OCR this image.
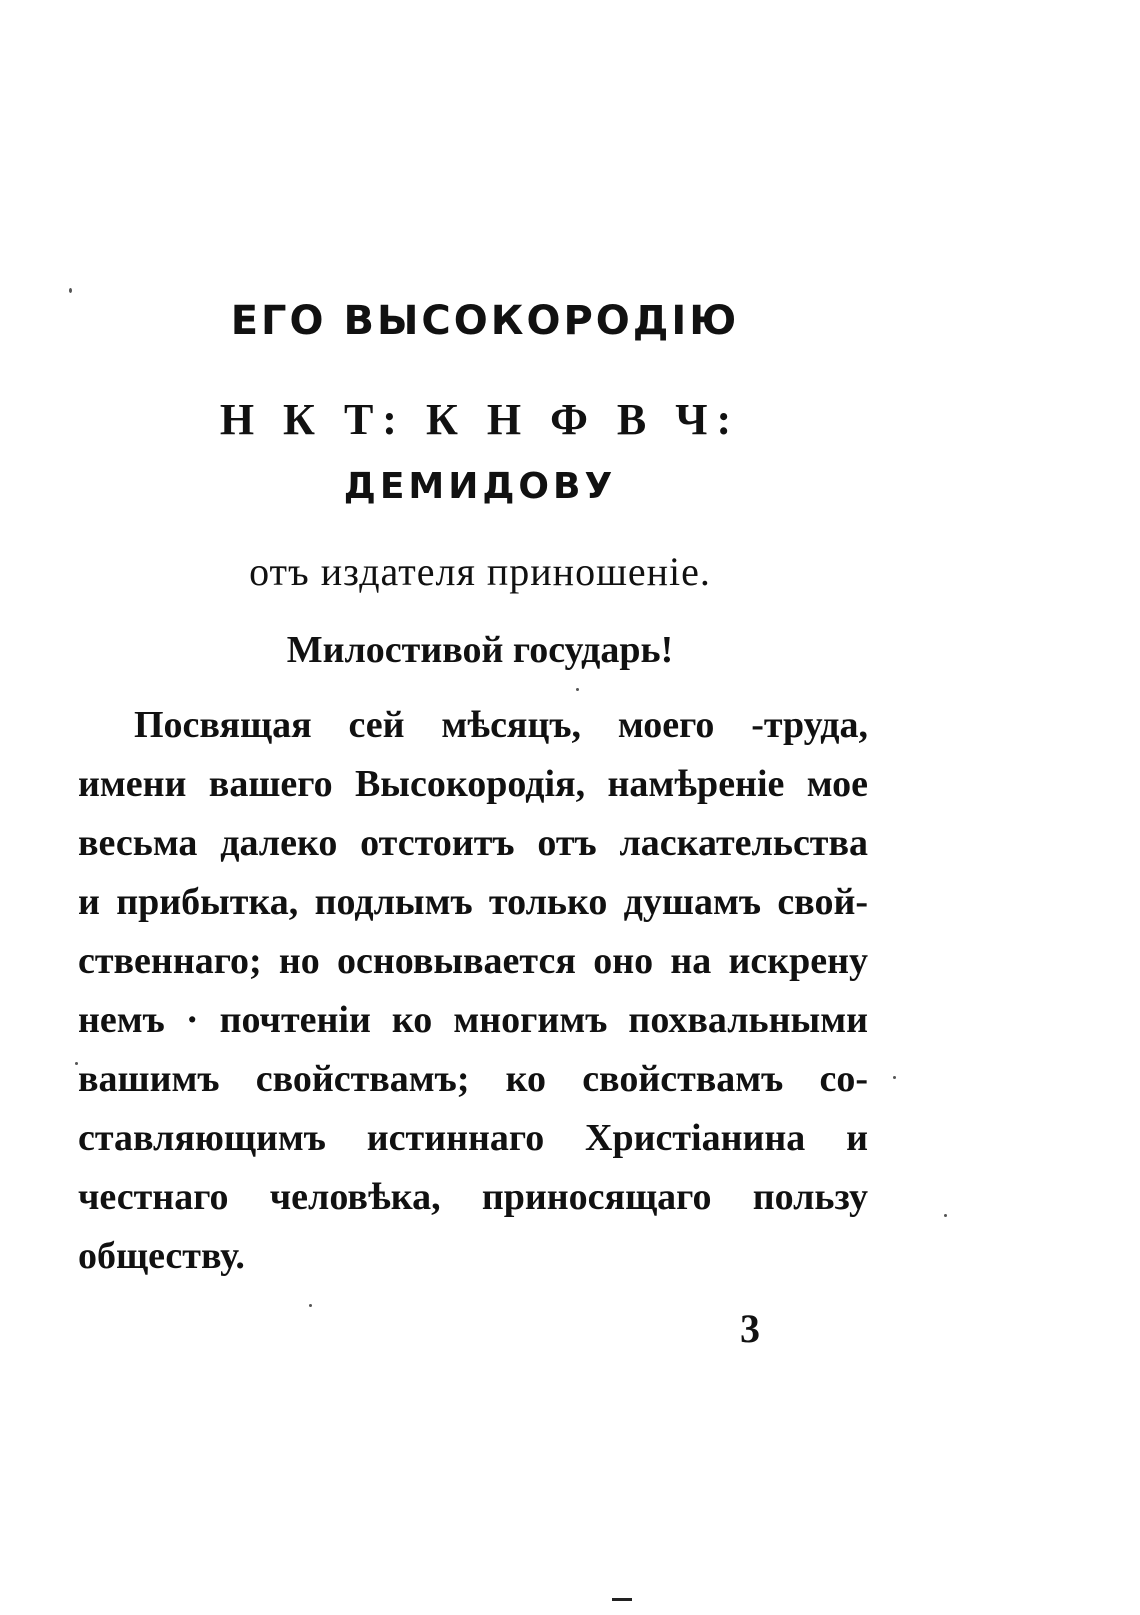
ЕГО ВЫСОКОРОДІЮ
Н К Т: К Н Ф В Ч:
ДЕМИДОВУ
отъ издателя приношеніе.
Милостивой государь!
Посвящая сей мѣсяцъ, моего -труда,
имени вашего Высокородія, намѣреніе мое
весьма далеко отстоитъ отъ ласкательства
и прибытка, подлымъ только душамъ свой-
ственнаго; но основывается оно на искрену
немъ · почтеніи ко многимъ похвальными
вашимъ свойствамъ; ко свойствамъ со-
ставляющимъ истиннаго Христіанина и
честнаго человѣка, приносящаго пользу
обществу.
3
